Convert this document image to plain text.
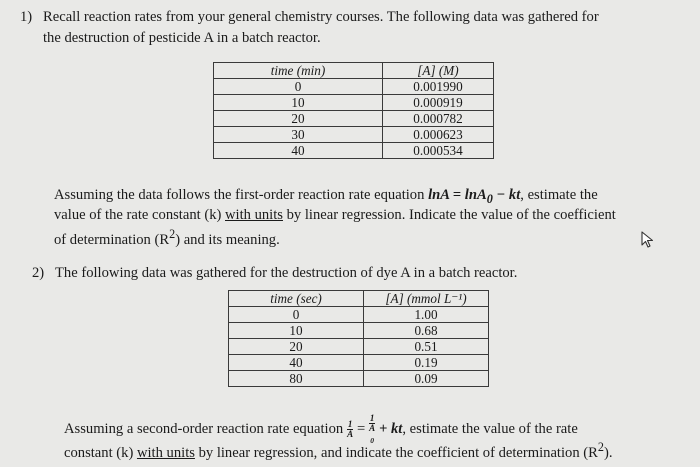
1) Recall reaction rates from your general chemistry courses. The following data was gathered for
the destruction of pesticide A in a batch reactor.
time (min)	[A] (M)
0	0.001990
10	0.000919
20	0.000782
30	0.000623
40	0.000534
Assuming the data follows the first-order reaction rate equation lnA = lnA$_0$ − kt, estimate the
value of the rate constant (k) with units by linear regression. Indicate the value of the coefficient
of determination $(R^2)$ and its meaning.
2) The following data was gathered for the destruction of dye A in a batch reactor.
time (sec)	[A] (mmol L⁻¹)
0	1.00
10	0.68
20	0.51
40	0.19
80	0.09
Assuming a second-order reaction rate equation $\frac{1}{A} = 1$
A
$_0$ + kt, estimate the value of the rate
constant (k) with units by linear regression, and indicate the coefficient of determination $(R^2)$.
